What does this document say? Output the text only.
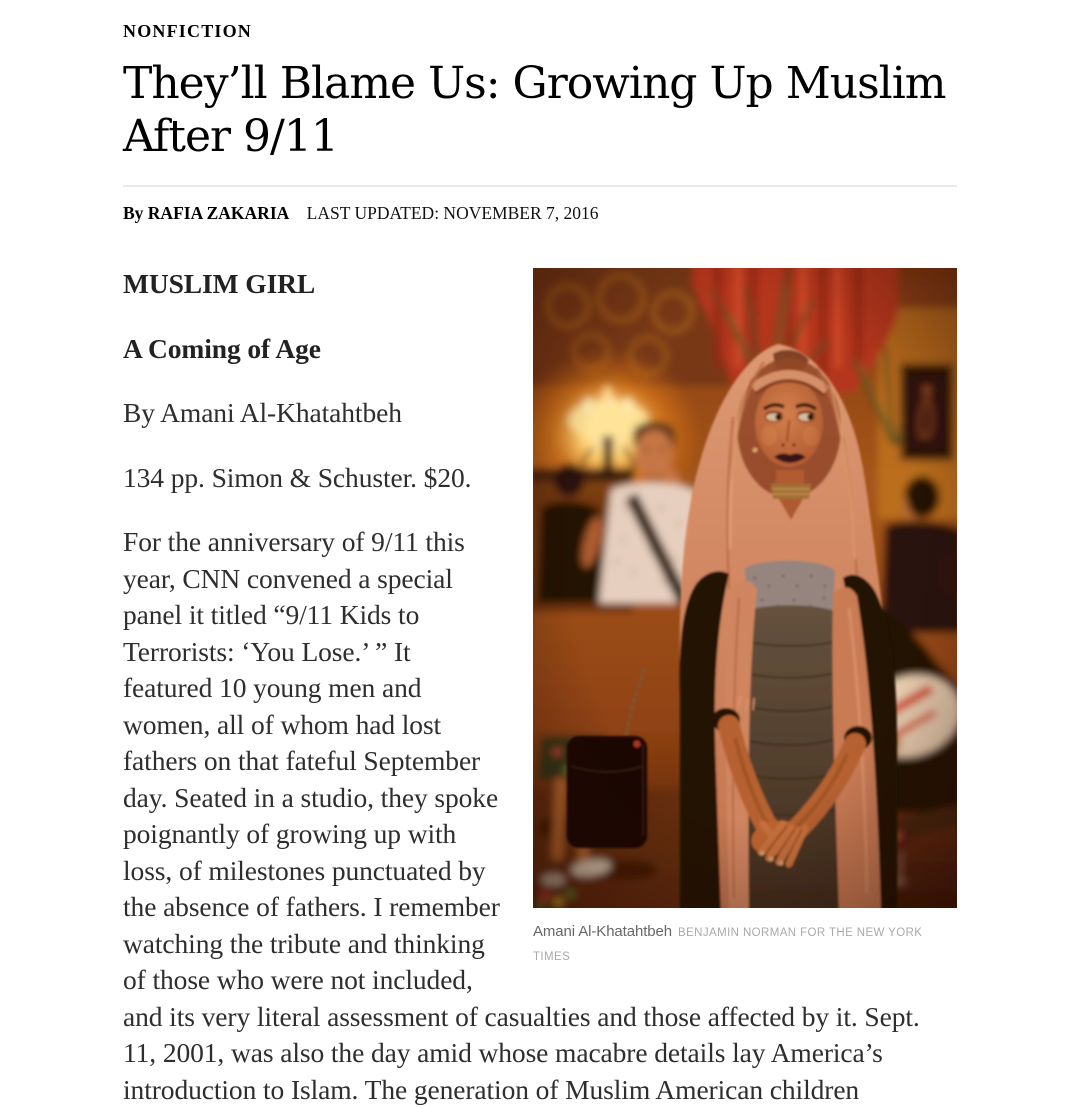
NONFICTION
They’ll Blame Us: Growing Up Muslim After 9/11
By RAFIA ZAKARIA LAST UPDATED: NOVEMBER 7, 2016
Amani Al-Khatahtbeh BENJAMIN NORMAN FOR THE NEW YORK TIMES

MUSLIM GIRL

A Coming of Age

By Amani Al-Khatahtbeh

134 pp. Simon & Schuster. $20.

For the anniversary of 9/11 this year, CNN convened a special panel it titled “9/11 Kids to Terrorists: ‘You Lose.’ ” It featured 10 young men and women, all of whom had lost fathers on that fateful September day. Seated in a studio, they spoke poignantly of growing up with loss, of milestones punctuated by the absence of fathers. I remember watching the tribute and thinking of those who were not included, and its very literal assessment of casualties and those affected by it. Sept. 11, 2001, was also the day amid whose macabre details lay America’s introduction to Islam. The generation of Muslim American children
